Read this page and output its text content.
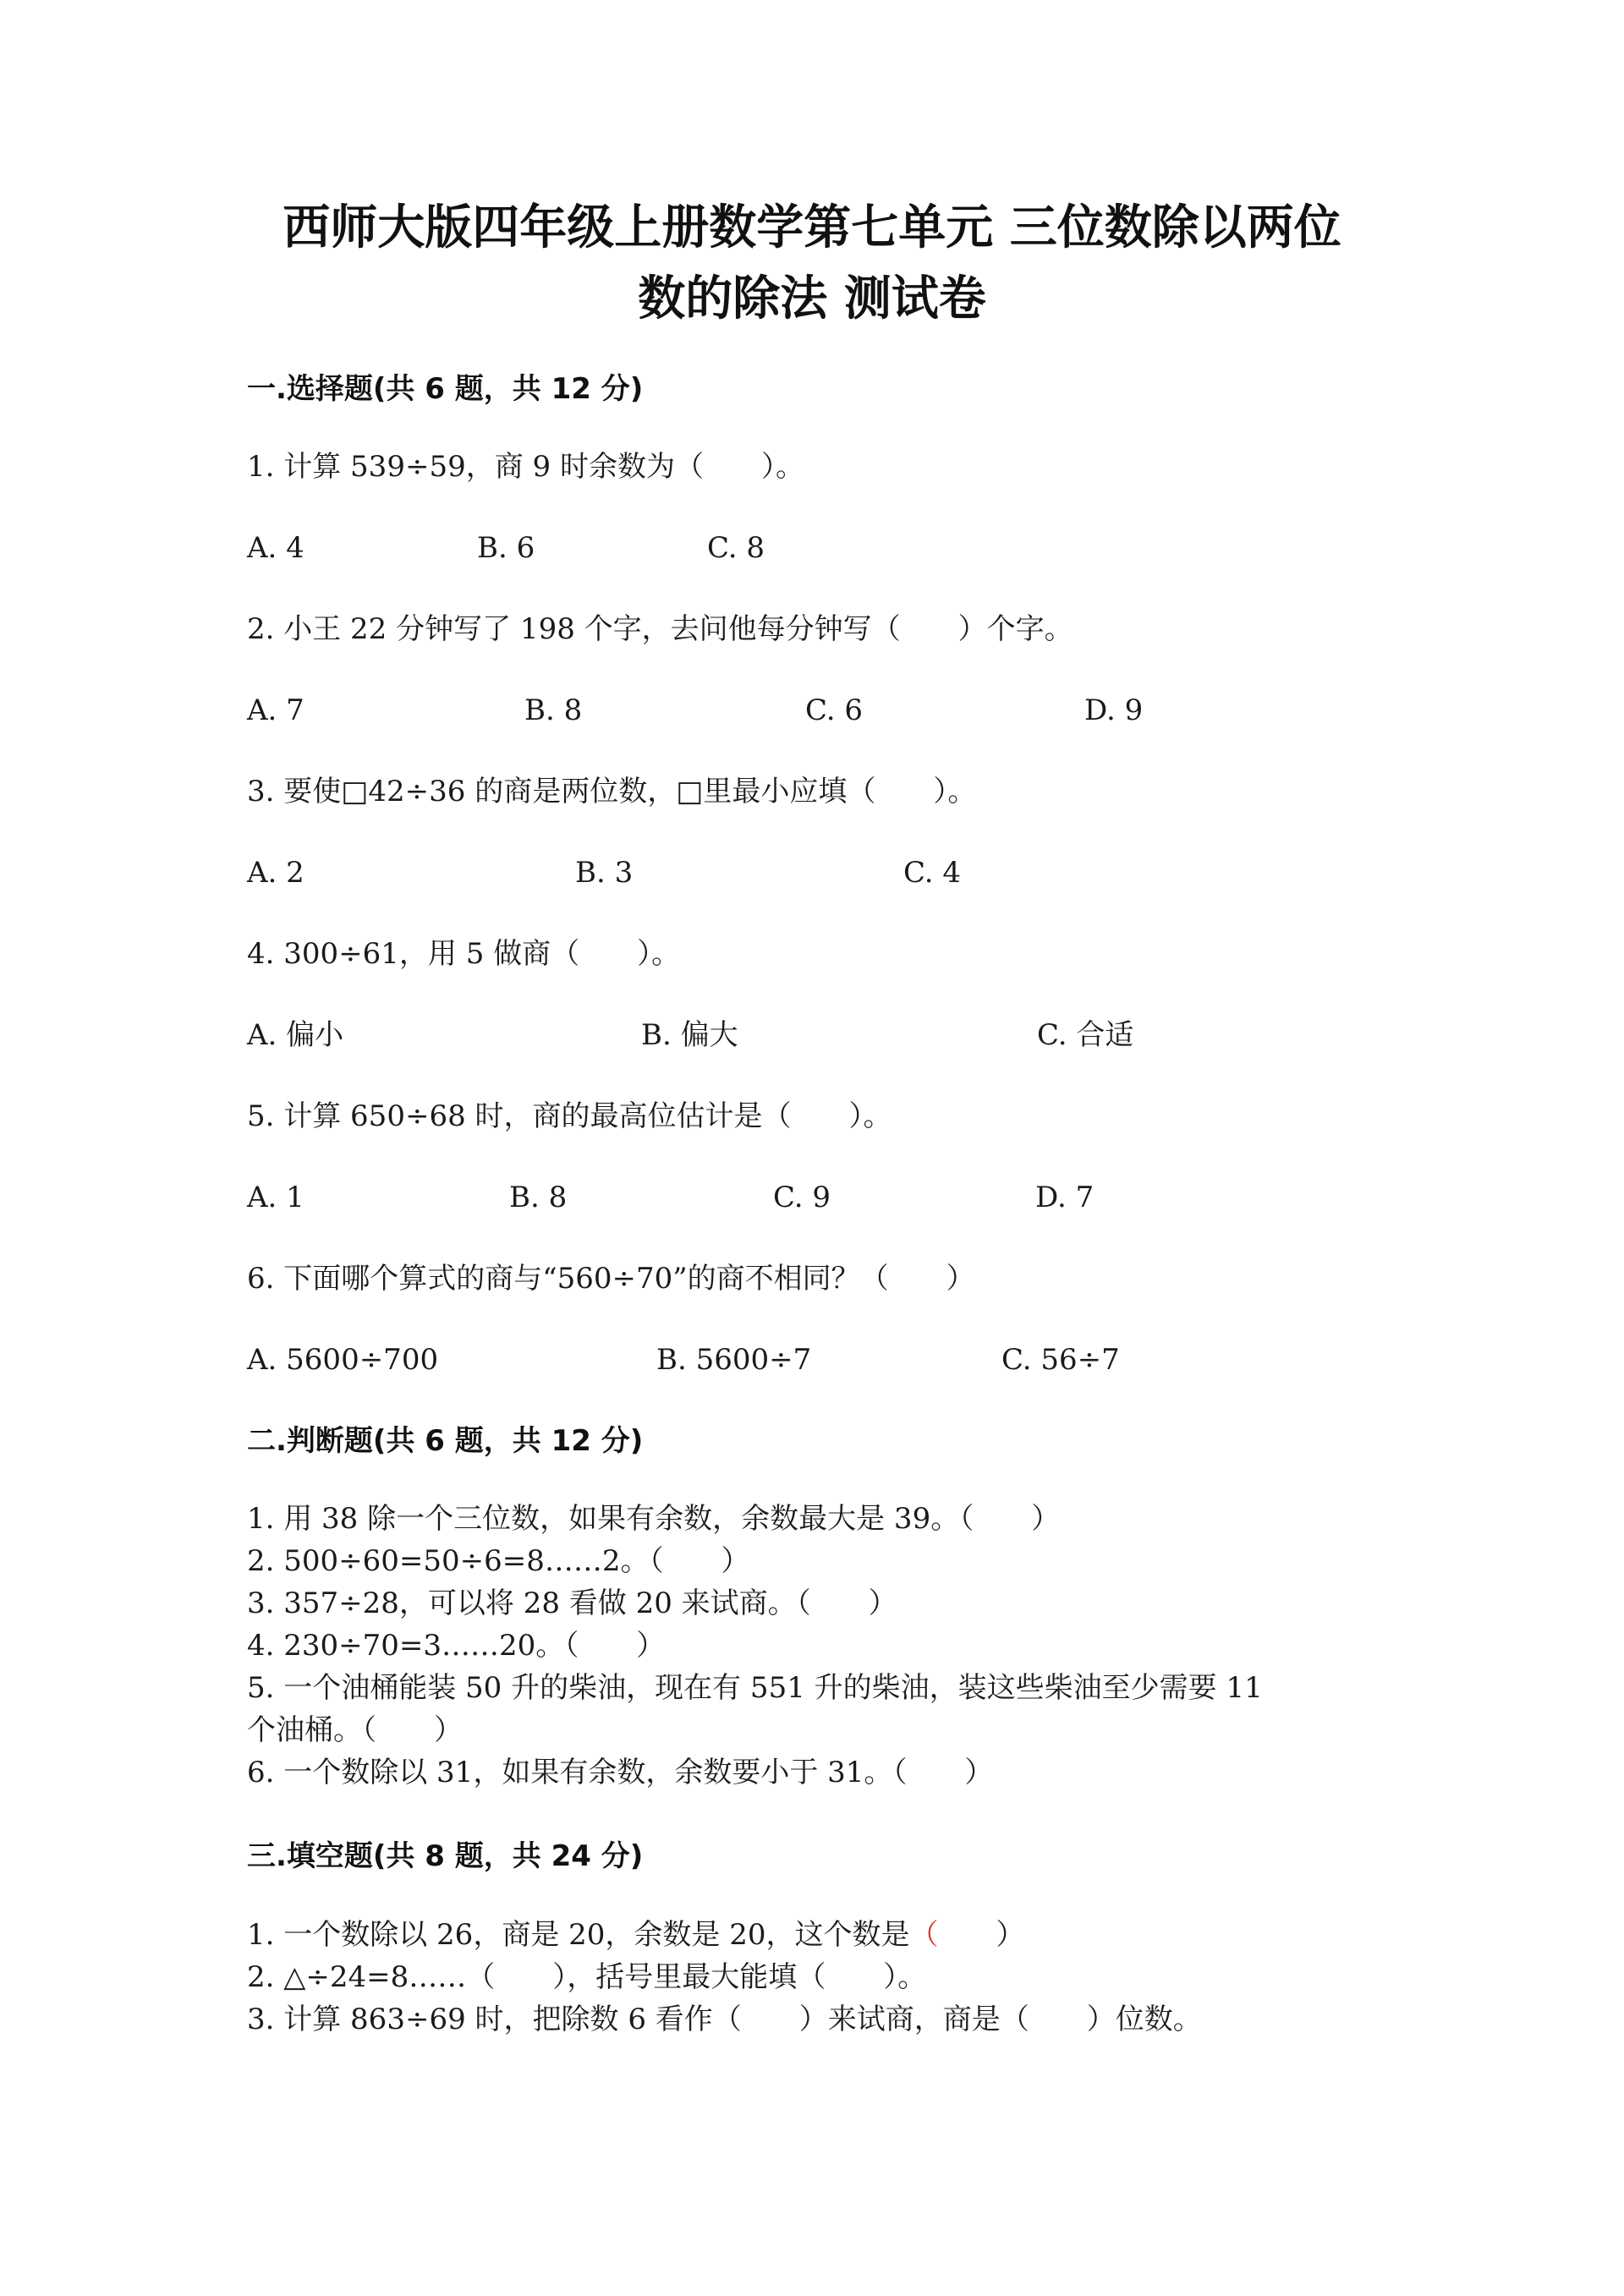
西师大版四年级上册数学第七单元 三位数除以两位
数的除法 测试卷
一.选择题(共 6 题，共 12 分)
1. 计算 539÷59，商 9 时余数为（　　）。
A. 4	B. 6	C. 8
2. 小王 22 分钟写了 198 个字，去问他每分钟写（　　）个字。
A. 7	B. 8	C. 6	D. 9
3. 要使□42÷36 的商是两位数，□里最小应填（　　）。
A. 2	B. 3	C. 4
4. 300÷61，用 5 做商（　　）。
A. 偏小	B. 偏大	C. 合适
5. 计算 650÷68 时，商的最高位估计是（　　）。
A. 1	B. 8	C. 9	D. 7
6. 下面哪个算式的商与“560÷70”的商不相同？（　　）
A. 5600÷700	B. 5600÷7	C. 56÷7
二.判断题(共 6 题，共 12 分)
1. 用 38 除一个三位数，如果有余数，余数最大是 39。（　　）
2. 500÷60=50÷6=8……2。（　　）
3. 357÷28，可以将 28 看做 20 来试商。（　　）
4. 230÷70=3……20。（　　）
5. 一个油桶能装 50 升的柴油，现在有 551 升的柴油，装这些柴油至少需要 11
个油桶。（　　）
6. 一个数除以 31，如果有余数，余数要小于 31。（　　）
三.填空题(共 8 题，共 24 分)
1. 一个数除以 26，商是 20，余数是 20，这个数是（　　）
2. △÷24=8……（　　），括号里最大能填（　　）。
3. 计算 863÷69 时，把除数 6 看作（　　）来试商，商是（　　）位数。
